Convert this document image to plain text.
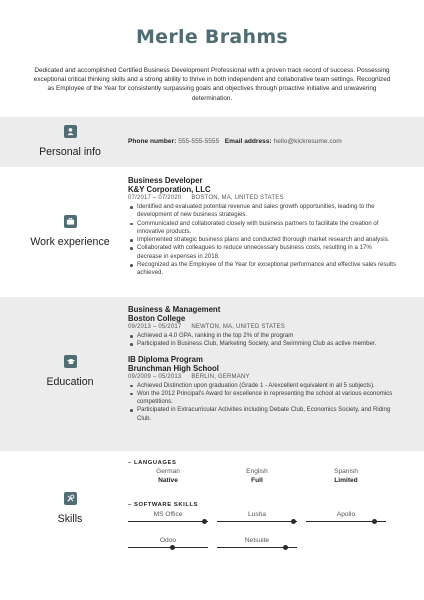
Merle Brahms
Dedicated and accomplished Certified Business Development Professional with a proven track record of success. Possessing exceptional critical thinking skills and a strong ability to thrive in both independent and collaborative team settings. Recognized as Employee of the Year for consistently surpassing goals and objectives through proactive initiative and unwavering determination.
Personal info
Phone number: 555-555-5555 Email address: hello@kickresume.com
Work experience
Business Developer
K&Y Corporation, LLC
07/2017 – 07/2020 BOSTON, MA, UNITED STATES
Identified and evaluated potential revenue and sales growth opportunities, leading to the development of new business strategies.
Communicated and collaborated closely with business partners to facilitate the creation of innovative products.
Implemented strategic business plans and conducted thorough market research and analysis.
Collaborated with colleagues to reduce unnecessary business costs, resulting in a 17% decrease in expenses in 2018.
Recognized as the Employee of the Year for exceptional performance and effective sales results achieved.
Education
Business & Management
Boston College
09/2013 – 05/2017 NEWTON, MA, UNITED STATES
Achieved a 4.0 GPA, ranking in the top 2% of the program
Participated in Business Club, Marketing Society, and Swimming Club as active member.
IB Diploma Program
Brunchman High School
09/2009 – 05/2013 BERLIN, GERMANY
Achieved Distinction upon graduation (Grade 1 - A/excellent equivalent in all 5 subjects).
Won the 2012 Principal's Award for excellence in representing the school at various economics competitions.
Participated in Extracurricular Activities including Debate Club, Economics Society, and Riding Club.
Skills
– LANGUAGES
German
Native
English
Full
Spanish
Limited
– SOFTWARE SKILLS
MS Office	Lusha	Apollo
Odoo	Netsuite
